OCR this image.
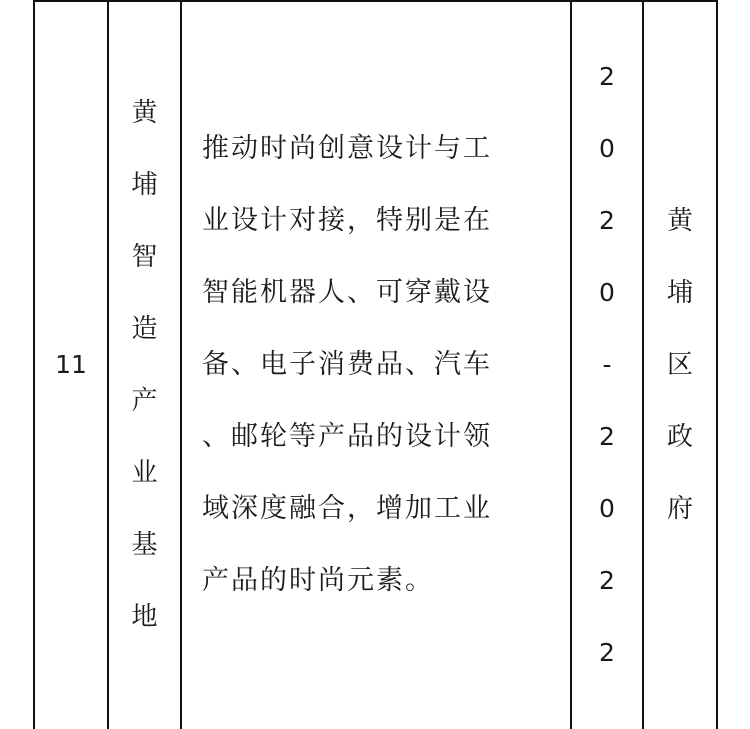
11
黄
埔
智
造
产
业
基
地
推动时尚创意设计与工
业设计对接，特别是在
智能机器人、可穿戴设
备、电子消费品、汽车
、邮轮等产品的设计领
域深度融合，增加工业
产品的时尚元素。
2
0
2
0
-
2
0
2
2
黄
埔
区
政
府
